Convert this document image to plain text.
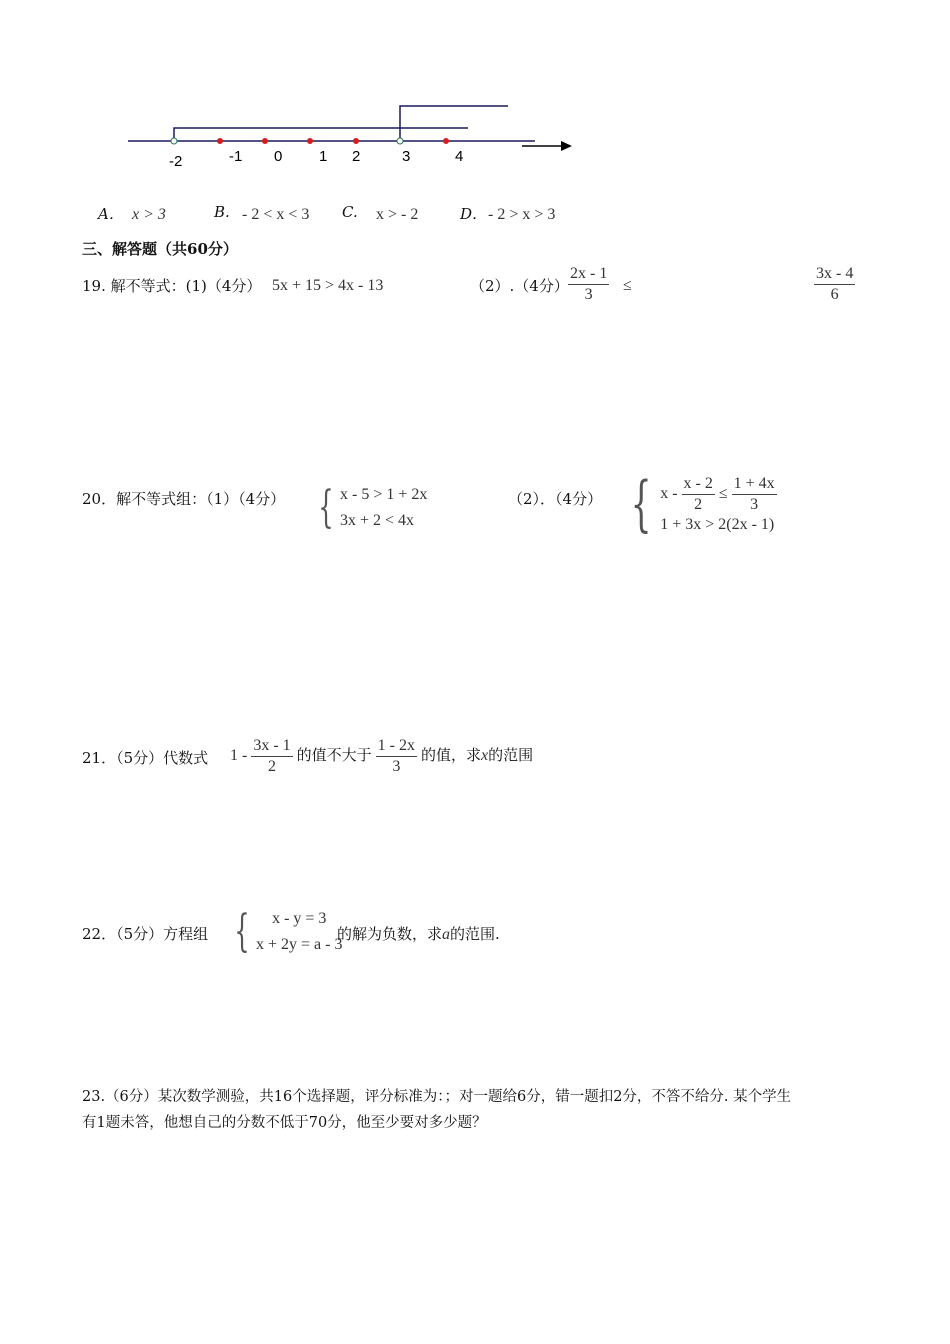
-2	-1 0 1 2	3	4
A． x > 3	B. - 2 < x < 3 C. x > - 2	D． - 2 > x > 3
三、解答题（共60分）
19. 解不等式：(1)（4分） 5x + 15 > 4x - 13	（2）.（4分） $\frac{2x - 1}{3}$ ≤	$\frac{3x - 4}{6}$
20．解不等式组：（1）（4分） { x - 5 > 1 + 2x
3x + 2 < 4x
（2）．（4分） { $x - \frac{x - 2}{2} \le \frac{1 + 4x}{3}$
1 + 3x > 2(2x - 1)
21．（5分）代数式 $1 - \frac{3x - 1}{2}$ 的值不大于 $\frac{1 - 2x}{3}$ 的值，求x的范围
22．（5分）方程组 {	x - y = 3
x + 2y = a - 3
的解为负数，求a的范围.
23.（6分）某次数学测验，共16个选择题，评分标准为：；对一题给6分，错一题扣2分，不答不给分. 某个学生
有1题未答，他想自己的分数不低于70分，他至少要对多少题？
